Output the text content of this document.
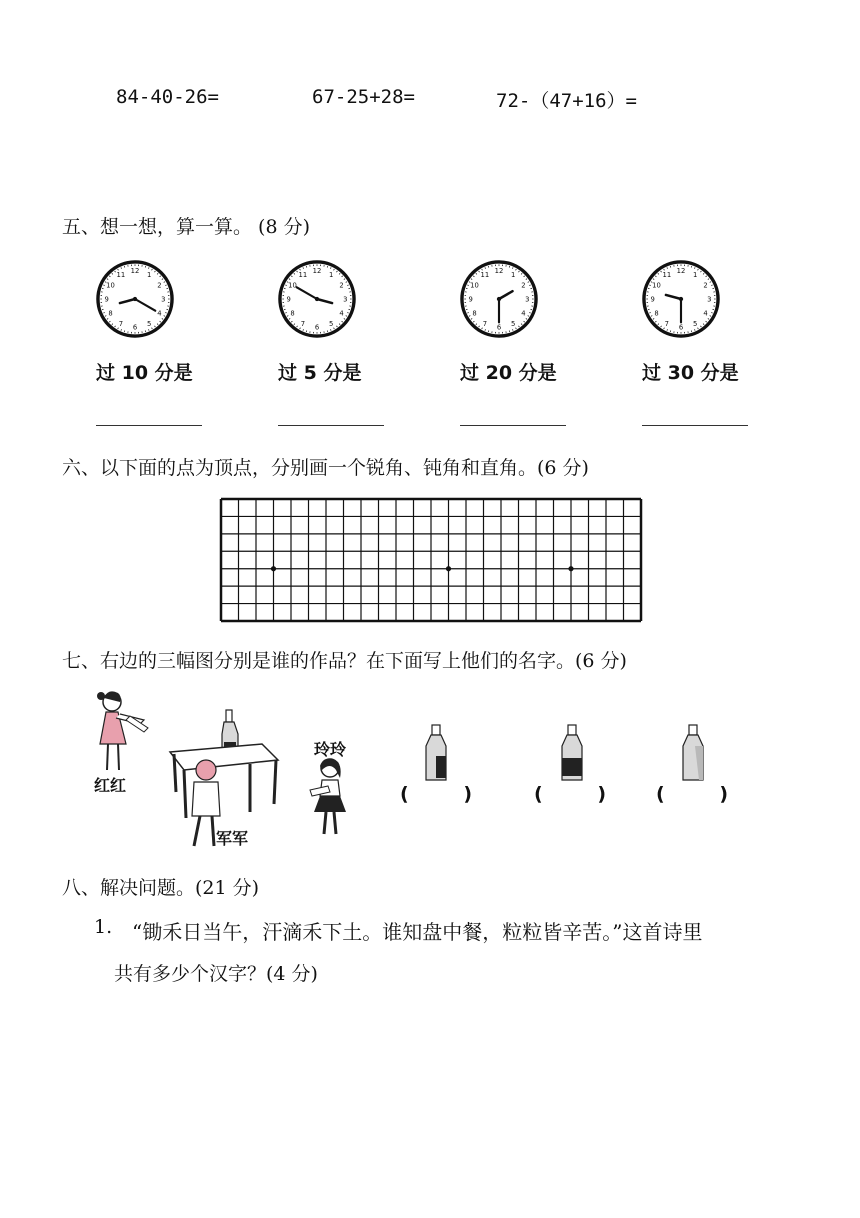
84-40-26=	67-25+28=	72-（47+16）=
五、想一想，算一算。 (8 分)
1
2
3
4
5
6
7
8
9
10
11 12	1
2
3
4
5
6
7
8
9
10
11 12	1
2
3
4
5
6
7
8
9
10
11 12	1
2
3
4
5
6
7
8
9
10
11 12
过 10 分是	过 5 分是	过 20 分是	过 30 分是
六、以下面的点为顶点，分别画一个锐角、钝角和直角。(6 分)
七、右边的三幅图分别是谁的作品？在下面写上他们的名字。(6 分)
红红
军军
玲玲
(	)	(	)	(	)
八、解决问题。(21 分)
1. “锄禾日当午，汗滴禾下土。谁知盘中餐，粒粒皆辛苦。”这首诗里
共有多少个汉字？(4 分)
